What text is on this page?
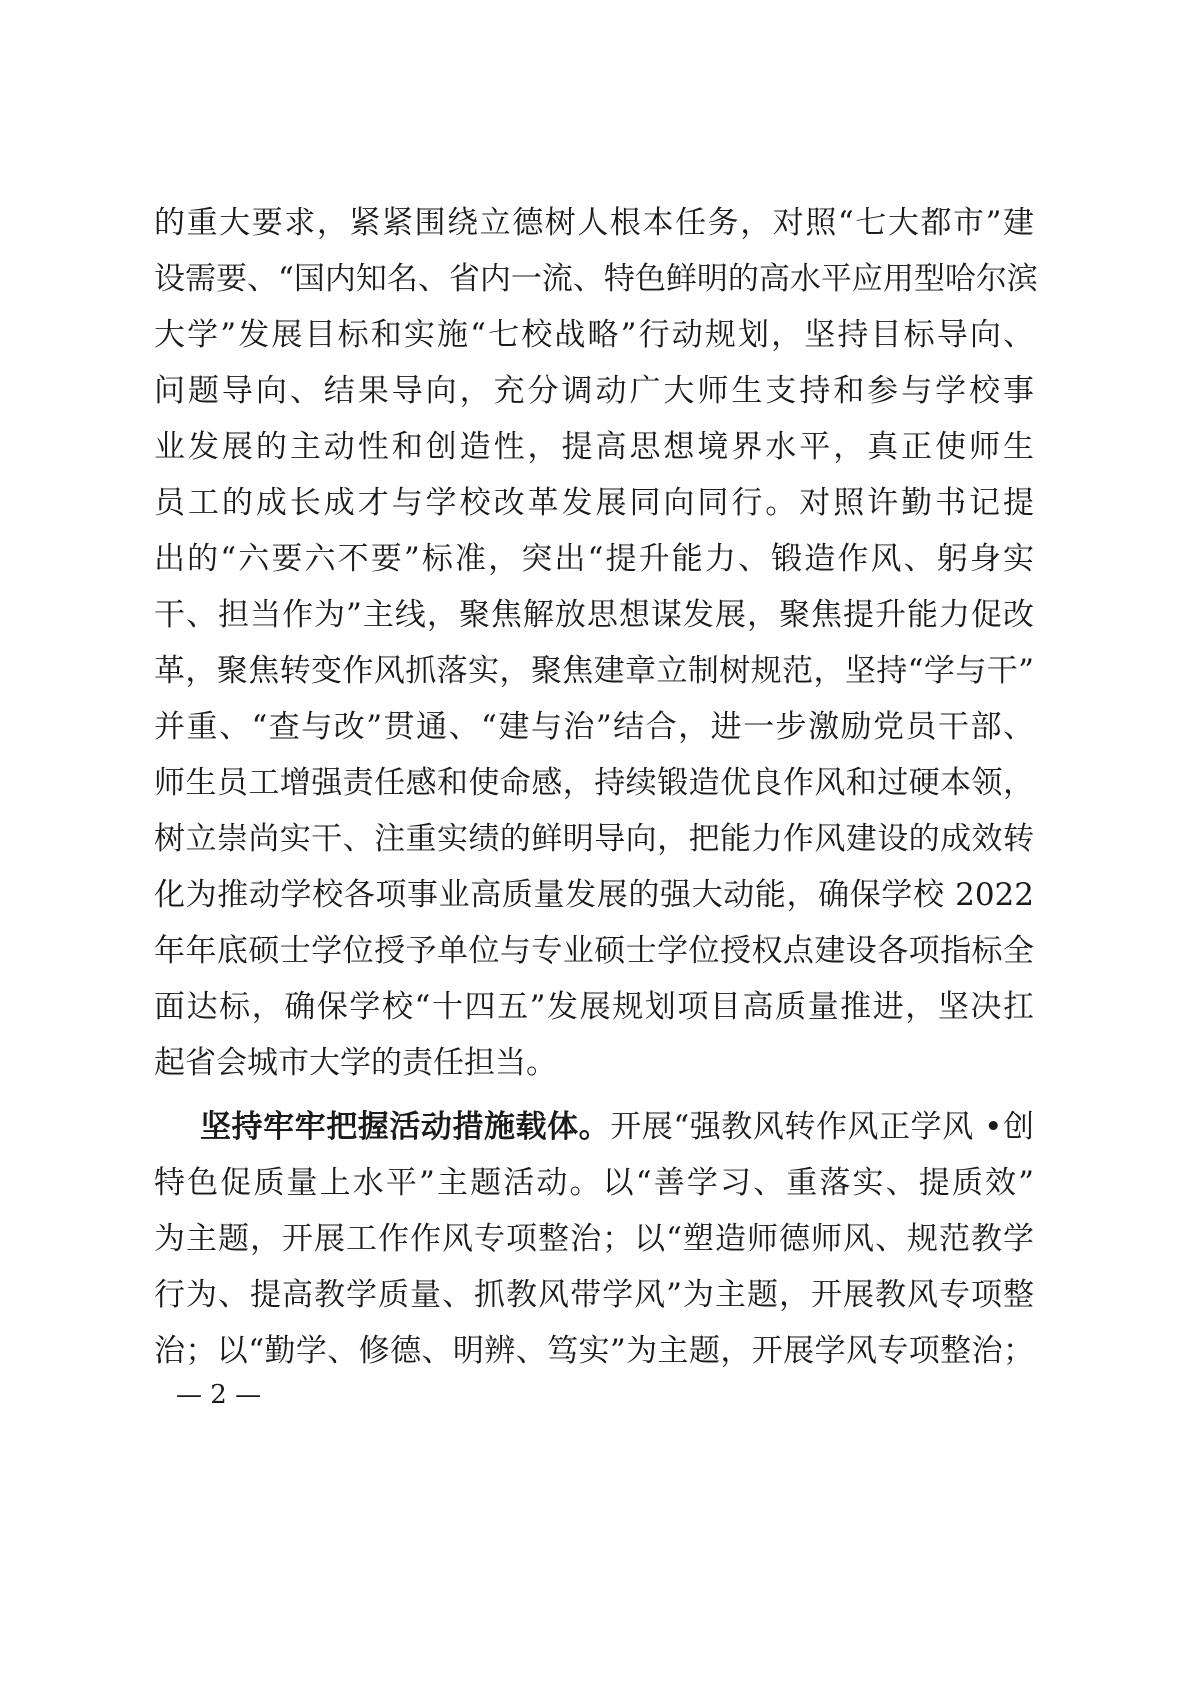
的重大要求，紧紧围绕立德树人根本任务，对照“七大都市”建
设需要、“国内知名、省内一流、特色鲜明的高水平应用型哈尔滨
大学”发展目标和实施“七校战略”行动规划，坚持目标导向、
问题导向、结果导向，充分调动广大师生支持和参与学校事
业发展的主动性和创造性，提高思想境界水平，真正使师生
员工的成长成才与学校改革发展同向同行。对照许勤书记提
出的“六要六不要”标准，突出“提升能力、锻造作风、躬身实
干、担当作为”主线，聚焦解放思想谋发展，聚焦提升能力促改
革，聚焦转变作风抓落实，聚焦建章立制树规范，坚持“学与干”
并重、“查与改”贯通、“建与治”结合，进一步激励党员干部、
师生员工增强责任感和使命感，持续锻造优良作风和过硬本领，
树立崇尚实干、注重实绩的鲜明导向，把能力作风建设的成效转
化为推动学校各项事业高质量发展的强大动能，确保学校 2022
年年底硕士学位授予单位与专业硕士学位授权点建设各项指标全
面达标，确保学校“十四五”发展规划项目高质量推进，坚决扛
起省会城市大学的责任担当。
坚持牢牢把握活动措施载体。开展“强教风转作风正学风 •创
特色促质量上水平”主题活动。以“善学习、重落实、提质效”
为主题，开展工作作风专项整治；以“塑造师德师风、规范教学
行为、提高教学质量、抓教风带学风”为主题，开展教风专项整
治；以“勤学、修德、明辨、笃实”为主题，开展学风专项整治；
— 2 —
